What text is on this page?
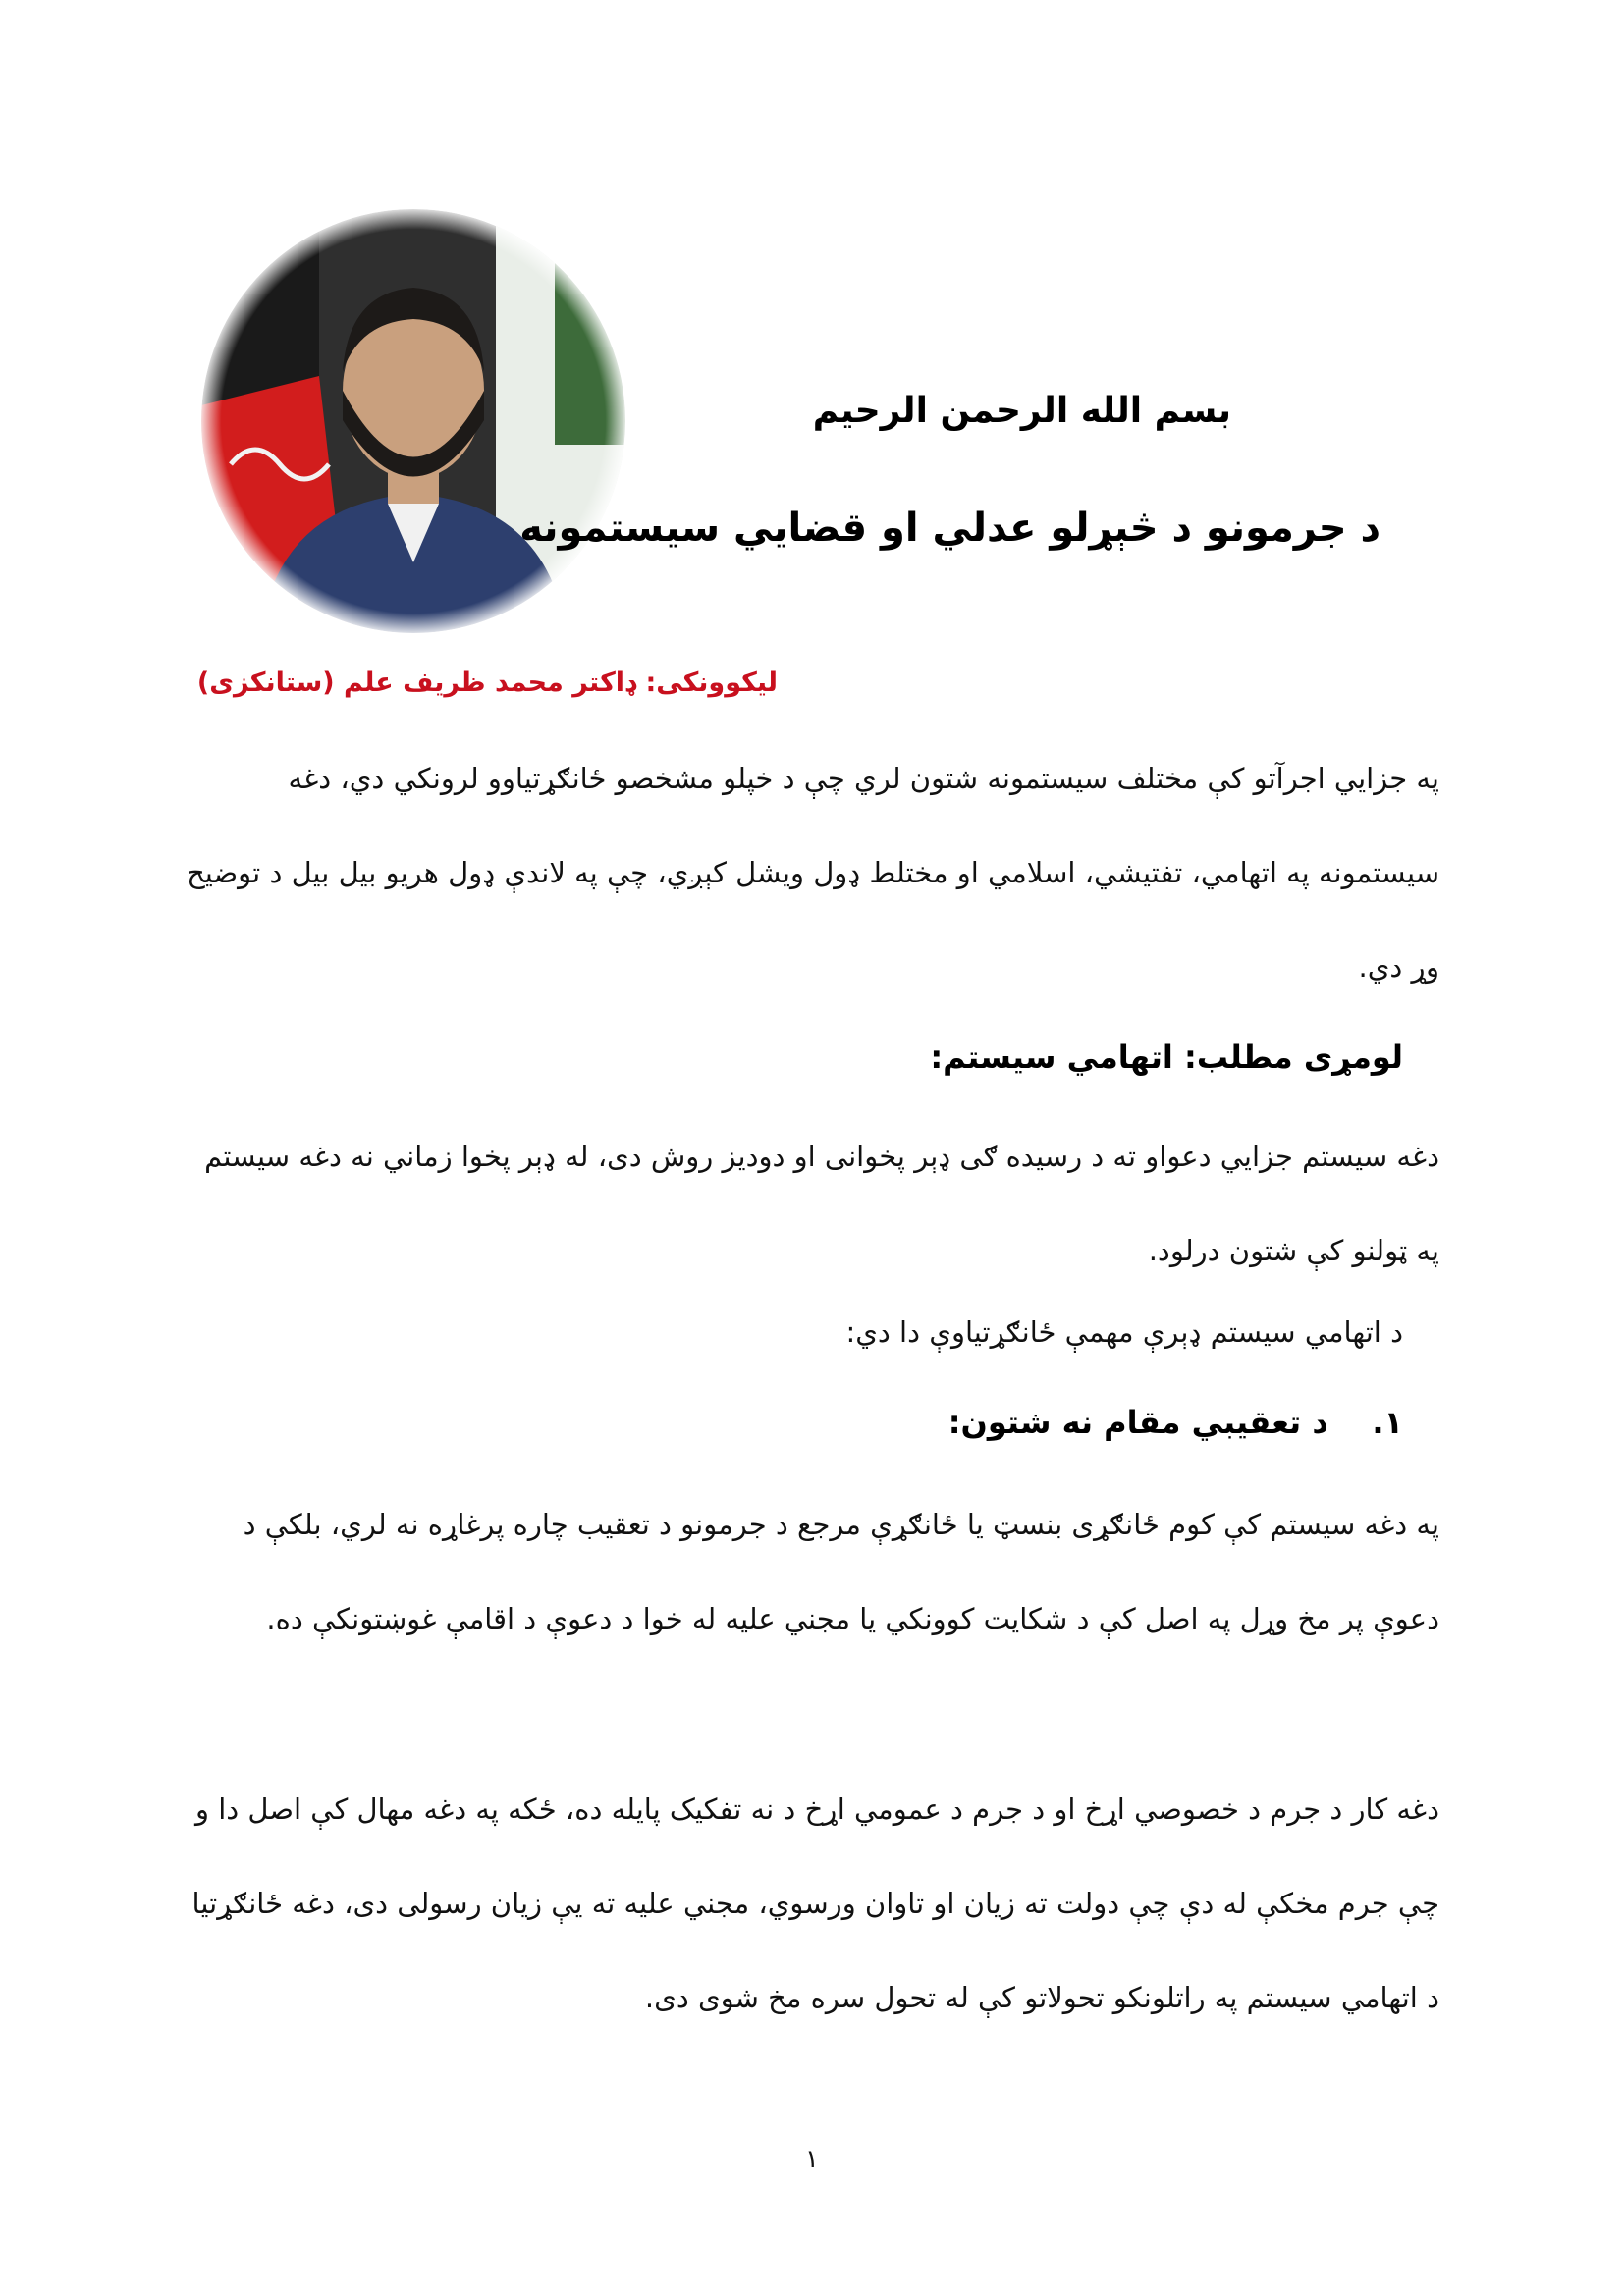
بسم الله الرحمن الرحيم
د جرمونو د څېړلو عدلي او قضايي سیستمونه
لیکوونکی: ډاکتر محمد ظریف علم (ستانکزی)
په جزايي اجرآتو کې مختلف سیستمونه شتون لري چې د خپلو مشخصو ځانګړتیاوو لرونکي دي، دغه سیستمونه په اتهامي، تفتیشي، اسلامي او مختلط ډول ویشل کېږي، چې په لاندې ډول هریو بیل بیل د توضیح وړ دي.
لومړی مطلب: اتهامي سیستم:
دغه سیستم جزايي دعواو ته د رسیده ګی ډېر پخوانی او دودیز روش دی، له ډېر پخوا زماني نه دغه سیستم په ټولنو کې شتون درلود.
د اتهامي سیستم ډېرې مهمې ځانګړتیاوې دا دي:
۱.    د تعقیبي مقام نه شتون:
په دغه سیستم کې کوم ځانګړی بنسټ یا ځانګړې مرجع د جرمونو د تعقیب چاره پرغاړه نه لري، بلکې د دعوې پر مخ وړل په اصل کې د شکایت کوونکي یا مجني علیه له خوا د دعوې د اقامې غوښتونکې ده.
دغه کار د جرم د خصوصي اړخ او د جرم د عمومي اړخ د نه تفکیک پایله ده، ځکه په دغه مهال کې اصل دا و چې جرم مخکې له دې چې دولت ته زیان او تاوان ورسوي، مجني علیه ته یې زیان رسولی دی، دغه ځانګړتیا د اتهامي سیستم په راتلونکو تحولاتو کې له تحول سره مخ شوی دی.
١
